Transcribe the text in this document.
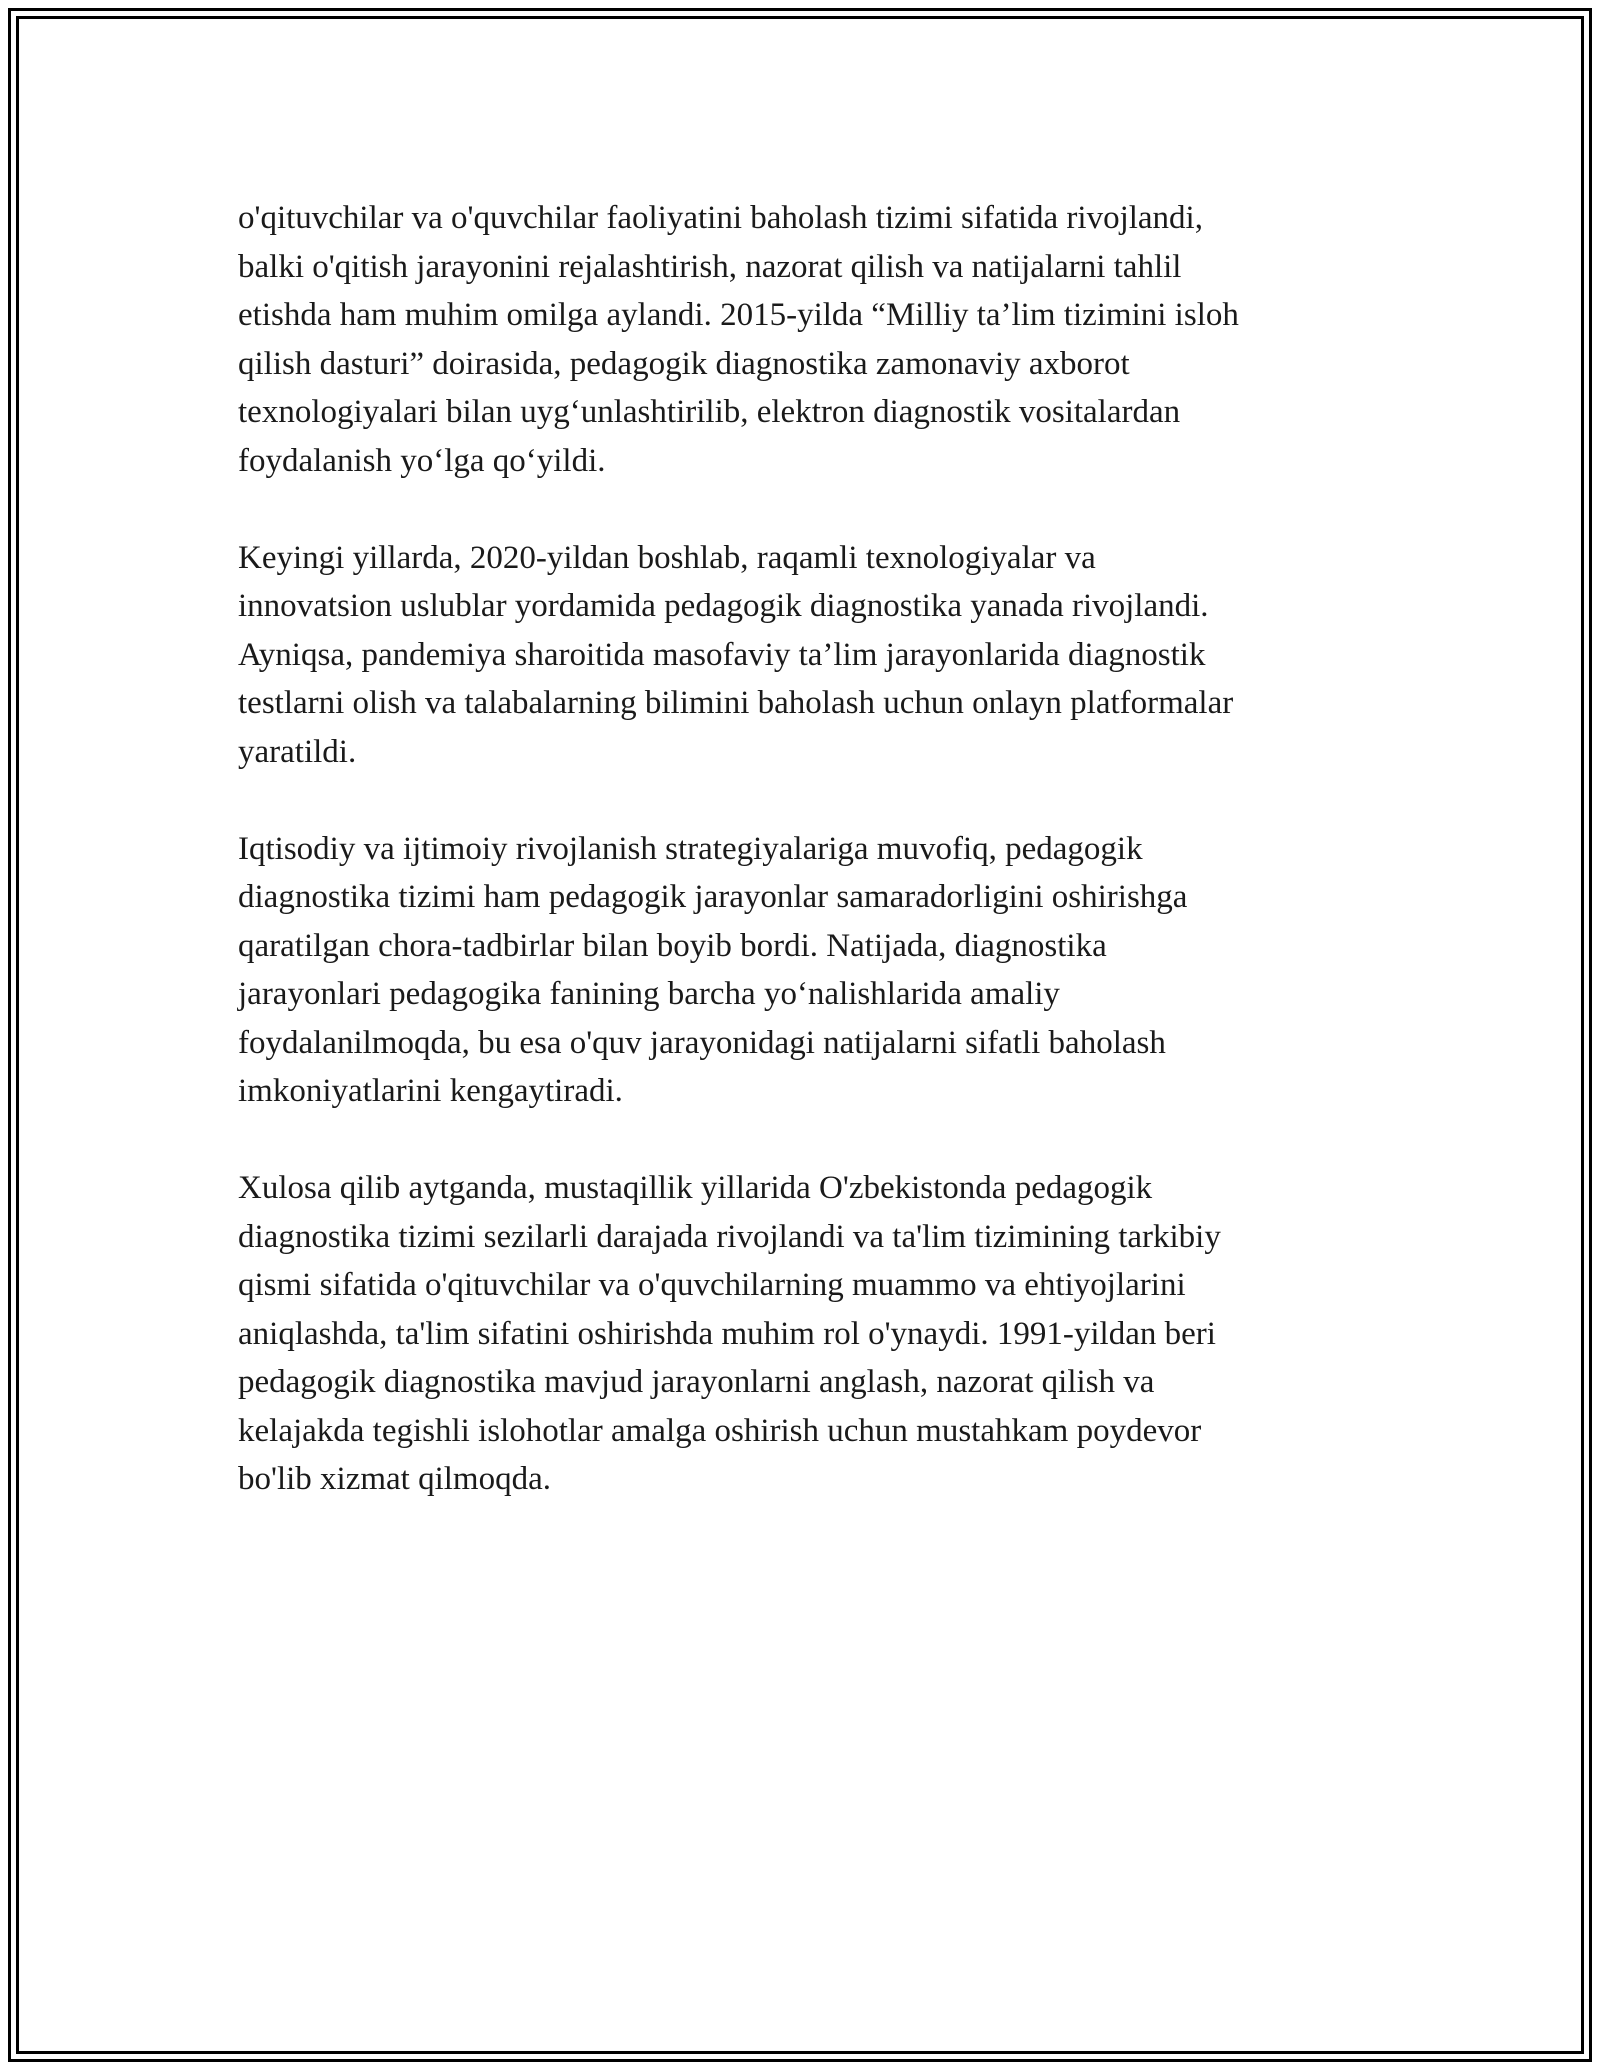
o'qituvchilar va o'quvchilar faoliyatini baholash tizimi sifatida rivojlandi,
balki o'qitish jarayonini rejalashtirish, nazorat qilish va natijalarni tahlil
etishda ham muhim omilga aylandi. 2015-yilda “Milliy ta’lim tizimini isloh
qilish dasturi” doirasida, pedagogik diagnostika zamonaviy axborot
texnologiyalari bilan uyg‘unlashtirilib, elektron diagnostik vositalardan
foydalanish yo‘lga qo‘yildi.

Keyingi yillarda, 2020-yildan boshlab, raqamli texnologiyalar va
innovatsion uslublar yordamida pedagogik diagnostika yanada rivojlandi.
Ayniqsa, pandemiya sharoitida masofaviy ta’lim jarayonlarida diagnostik
testlarni olish va talabalarning bilimini baholash uchun onlayn platformalar
yaratildi.

Iqtisodiy va ijtimoiy rivojlanish strategiyalariga muvofiq, pedagogik
diagnostika tizimi ham pedagogik jarayonlar samaradorligini oshirishga
qaratilgan chora-tadbirlar bilan boyib bordi. Natijada, diagnostika
jarayonlari pedagogika fanining barcha yo‘nalishlarida amaliy
foydalanilmoqda, bu esa o'quv jarayonidagi natijalarni sifatli baholash
imkoniyatlarini kengaytiradi.

Xulosa qilib aytganda, mustaqillik yillarida O'zbekistonda pedagogik
diagnostika tizimi sezilarli darajada rivojlandi va ta'lim tizimining tarkibiy
qismi sifatida o'qituvchilar va o'quvchilarning muammo va ehtiyojlarini
aniqlashda, ta'lim sifatini oshirishda muhim rol o'ynaydi. 1991-yildan beri
pedagogik diagnostika mavjud jarayonlarni anglash, nazorat qilish va
kelajakda tegishli islohotlar amalga oshirish uchun mustahkam poydevor
bo'lib xizmat qilmoqda.
